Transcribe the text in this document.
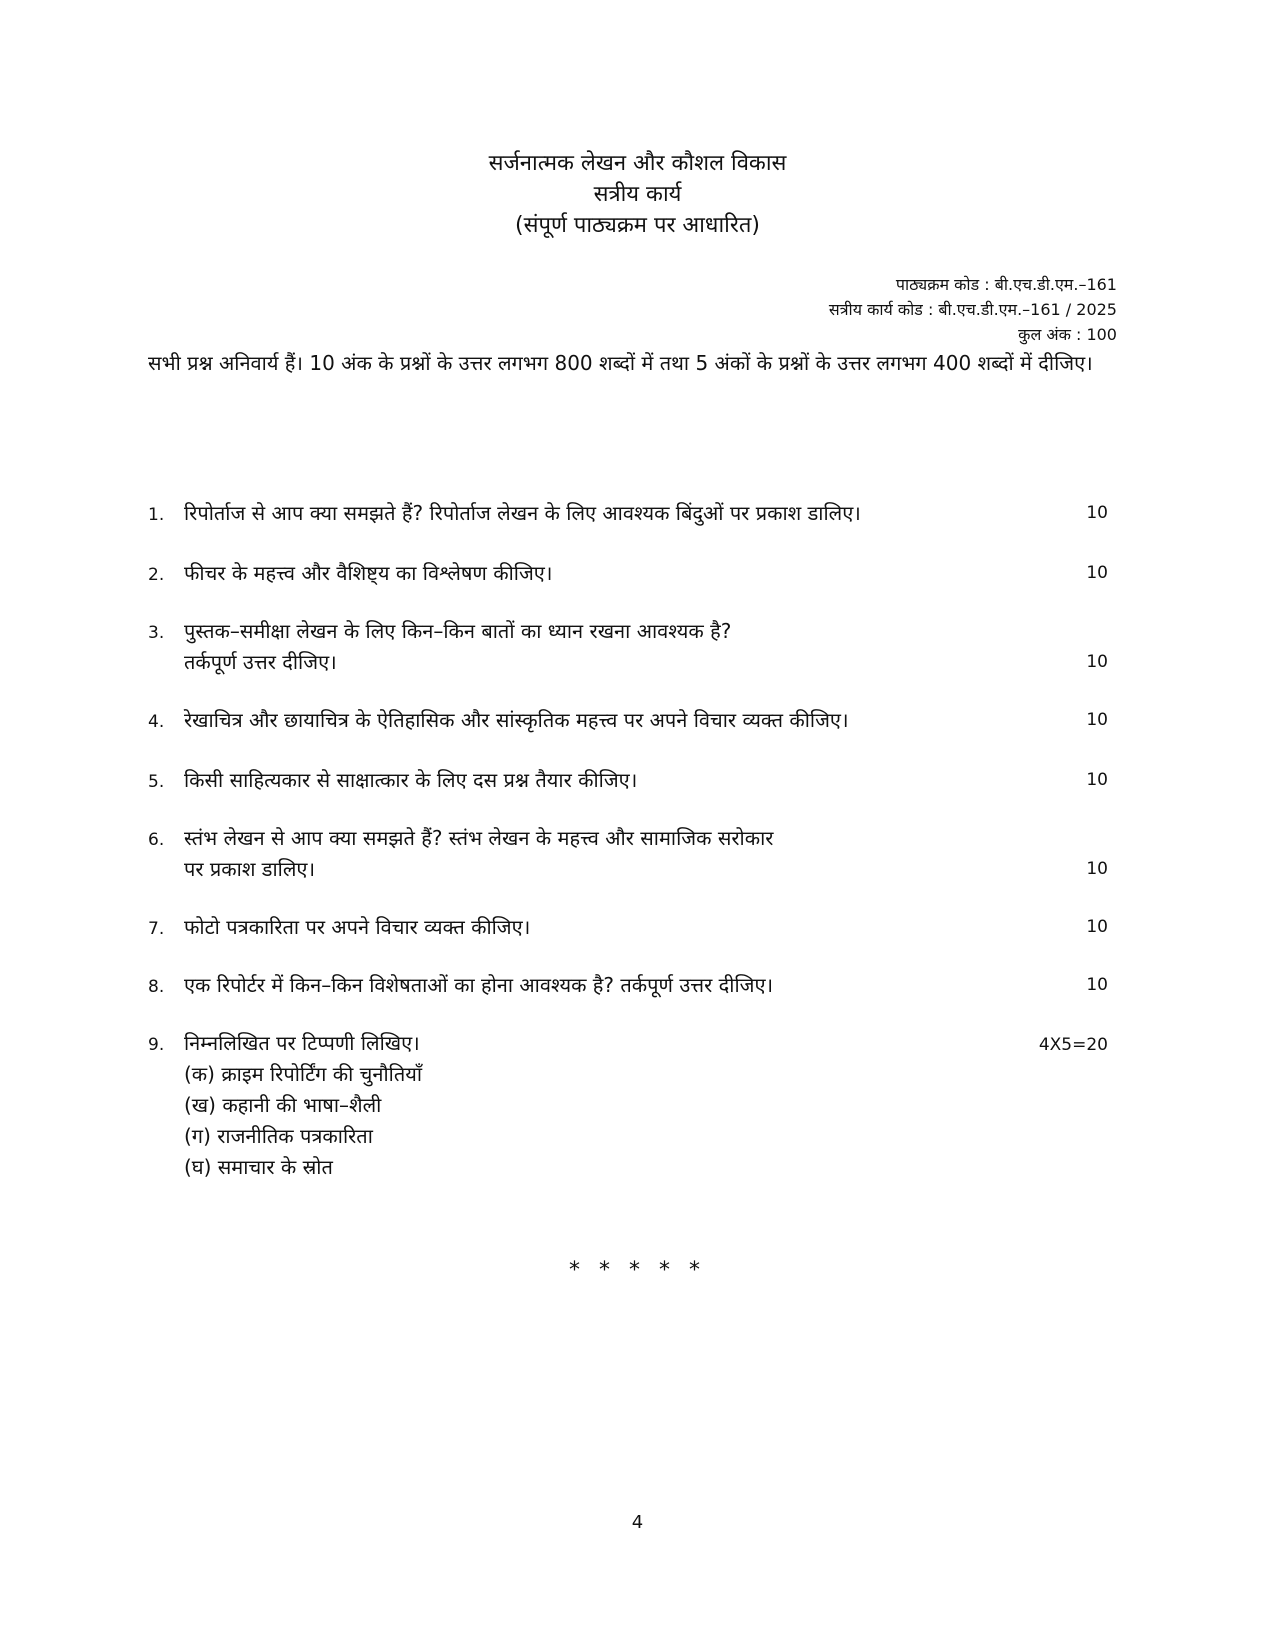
सर्जनात्मक लेखन और कौशल विकास
सत्रीय कार्य
(संपूर्ण पाठ्यक्रम पर आधारित)
पाठ्यक्रम कोड : बी.एच.डी.एम.–161
सत्रीय कार्य कोड : बी.एच.डी.एम.–161 / 2025
कुल अंक : 100
सभी प्रश्न अनिवार्य हैं। 10 अंक के प्रश्नों के उत्तर लगभग 800 शब्दों में तथा 5 अंकों के प्रश्नों के उत्तर लगभग 400 शब्दों में दीजिए।
1. रिपोर्ताज से आप क्या समझते हैं? रिपोर्ताज लेखन के लिए आवश्यक बिंदुओं पर प्रकाश डालिए।	10
2. फीचर के महत्त्व और वैशिष्ट्य का विश्लेषण कीजिए।	10
3. पुस्तक–समीक्षा लेखन के लिए किन–किन बातों का ध्यान रखना आवश्यक है?
तर्कपूर्ण उत्तर दीजिए।	10
4. रेखाचित्र और छायाचित्र के ऐतिहासिक और सांस्कृतिक महत्त्व पर अपने विचार व्यक्त कीजिए।	10
5. किसी साहित्यकार से साक्षात्कार के लिए दस प्रश्न तैयार कीजिए।	10
6. स्तंभ लेखन से आप क्या समझते हैं? स्तंभ लेखन के महत्त्व और सामाजिक सरोकार
पर प्रकाश डालिए।	10
7. फोटो पत्रकारिता पर अपने विचार व्यक्त कीजिए।	10
8. एक रिपोर्टर में किन–किन विशेषताओं का होना आवश्यक है? तर्कपूर्ण उत्तर दीजिए।	10
9. निम्नलिखित पर टिप्पणी लिखिए।
(क) क्राइम रिपोर्टिंग की चुनौतियाँ
(ख) कहानी की भाषा–शैली
(ग) राजनीतिक पत्रकारिता
(घ) समाचार के स्रोत
4X5=20
* * * * *
4
